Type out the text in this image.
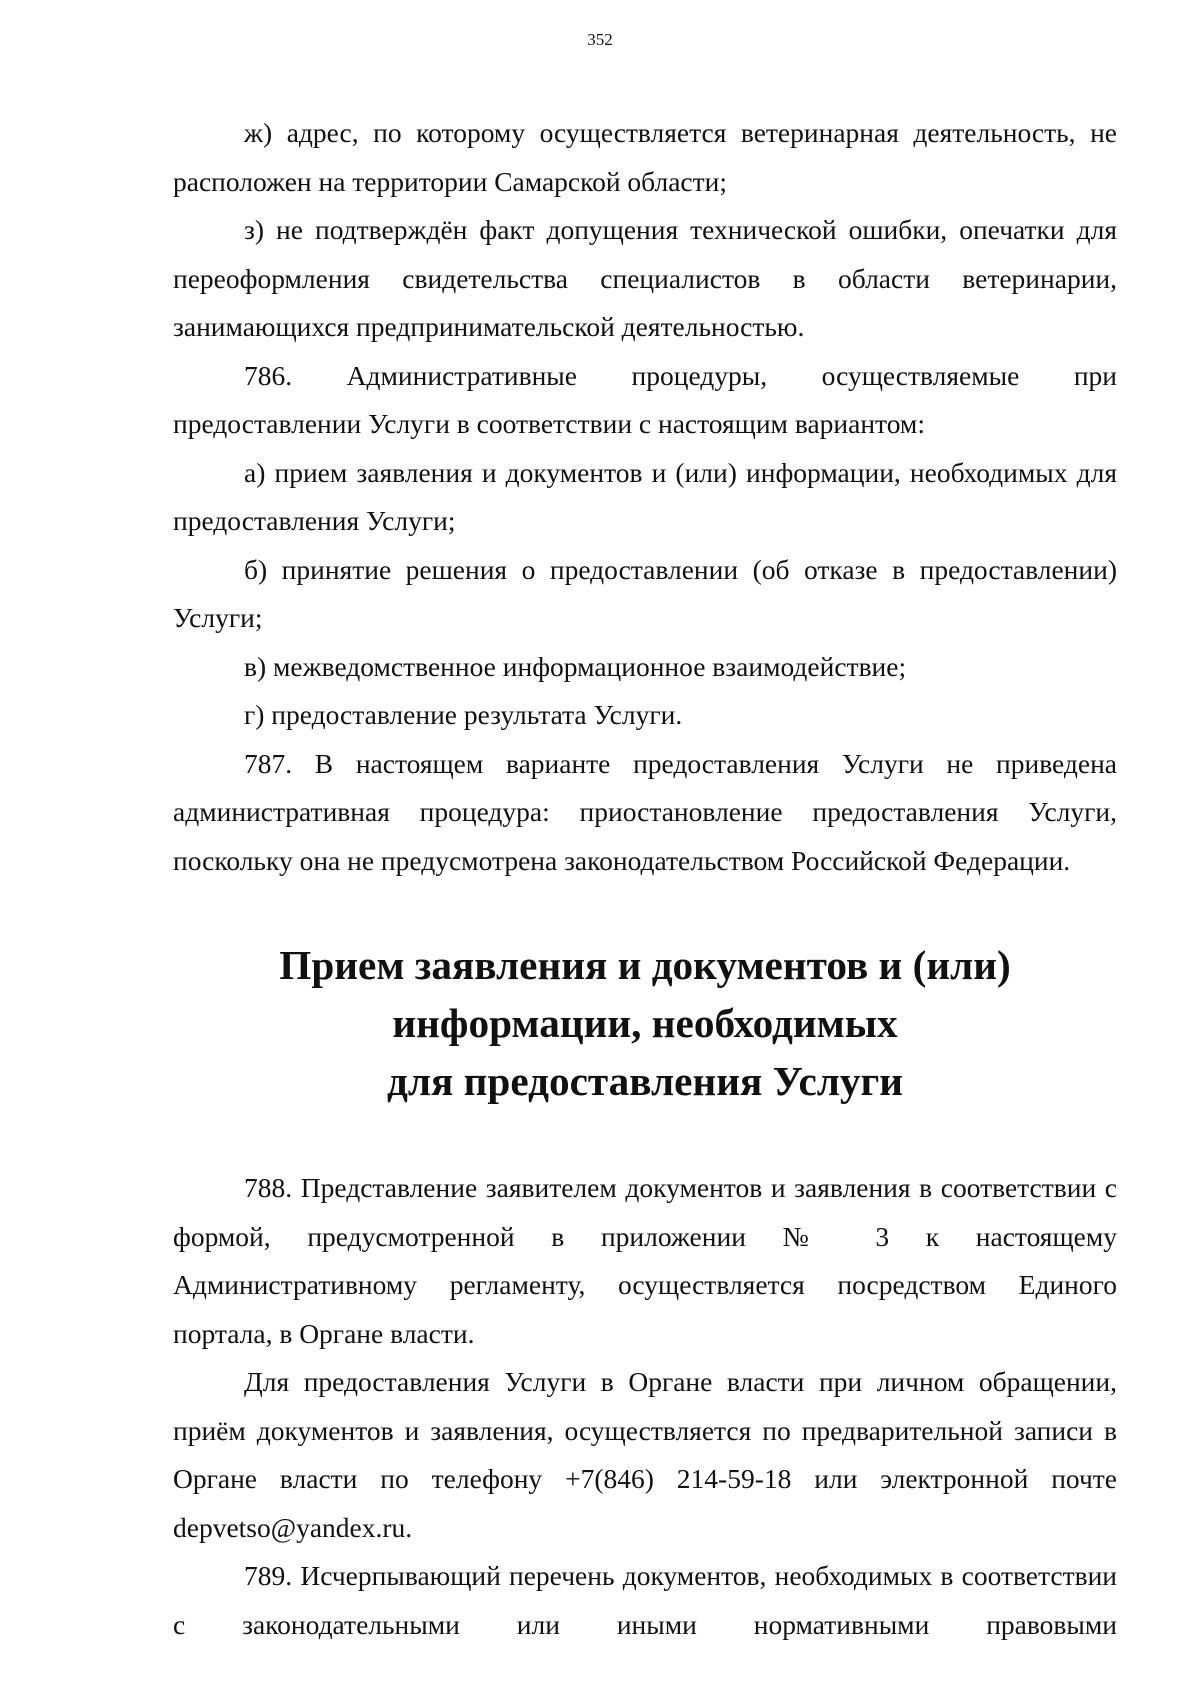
352

ж) адрес, по которому осуществляется ветеринарная деятельность, не расположен на территории Самарской области;

з) не подтверждён факт допущения технической ошибки, опечатки для переоформления свидетельства специалистов в области ветеринарии, занимающихся предпринимательской деятельностью.

786. Административные процедуры, осуществляемые при предоставлении Услуги в соответствии с настоящим вариантом:

а) прием заявления и документов и (или) информации, необходимых для предоставления Услуги;

б) принятие решения о предоставлении (об отказе в предоставлении) Услуги;

в) межведомственное информационное взаимодействие;

г) предоставление результата Услуги.

787. В настоящем варианте предоставления Услуги не приведена административная процедура: приостановление предоставления Услуги, поскольку она не предусмотрена законодательством Российской Федерации.

Прием заявления и документов и (или) информации, необходимых
для предоставления Услуги

788. Представление заявителем документов и заявления в соответствии с формой, предусмотренной в приложении № 3 к настоящему Административному регламенту, осуществляется посредством Единого портала, в Органе власти.

Для предоставления Услуги в Органе власти при личном обращении, приём документов и заявления, осуществляется по предварительной записи в Органе власти по телефону +7(846) 214-59-18 или электронной почте depvetso@yandex.ru.

789. Исчерпывающий перечень документов, необходимых в соответствии с законодательными или иными нормативными правовыми
